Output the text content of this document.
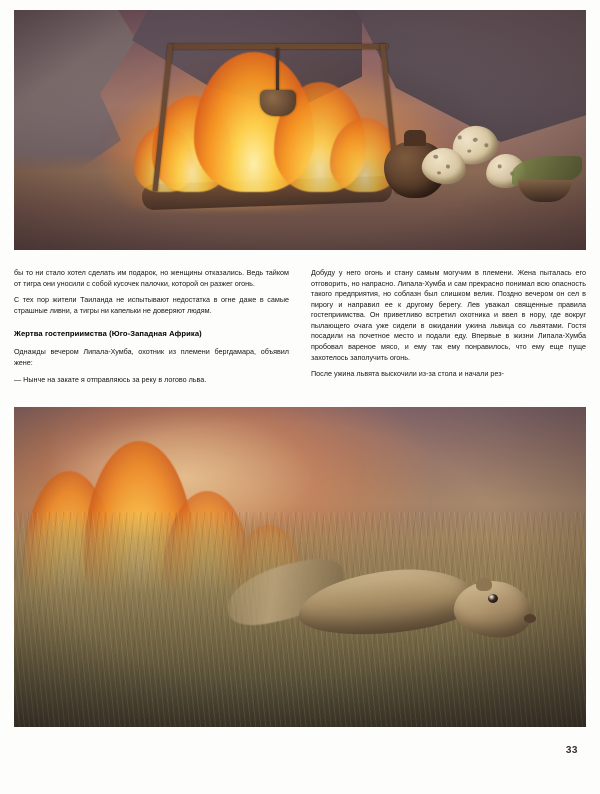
бы то ни стало хотел сделать им подарок, но женщины отказались. Ведь тайком от тигра они уносили с собой кусочек палочки, которой он разжег огонь.

С тех пор жители Таиланда не испытывают недостатка в огне даже в самые страшные ливни, а тигры ни капельки не доверяют людям.

Жертва гостеприимства (Юго-Западная Африка)

Однажды вечером Липала-Хумба, охотник из племени бергдамара, объявил жене:

— Нынче на закате я отправляюсь за реку в логово льва.

Добуду у него огонь и стану самым могучим в племени. Жена пыталась его отговорить, но напрасно. Липала-Хумба и сам прекрасно понимал всю опасность такого предприятия, но соблазн был слишком велик. Поздно вечером он сел в пирогу и направил ее к другому берегу. Лев уважал священные правила гостеприимства. Он приветливо встретил охотника и ввел в нору, где вокруг пылающего очага уже сидели в ожидании ужина львица со львятами. Гостя посадили на почетное место и подали еду. Впервые в жизни Липала-Хумба пробовал вареное мясо, и ему так ему понравилось, что ему еще пуще захотелось заполучить огонь.

После ужина львята выскочили из-за стола и начали рез-

33
